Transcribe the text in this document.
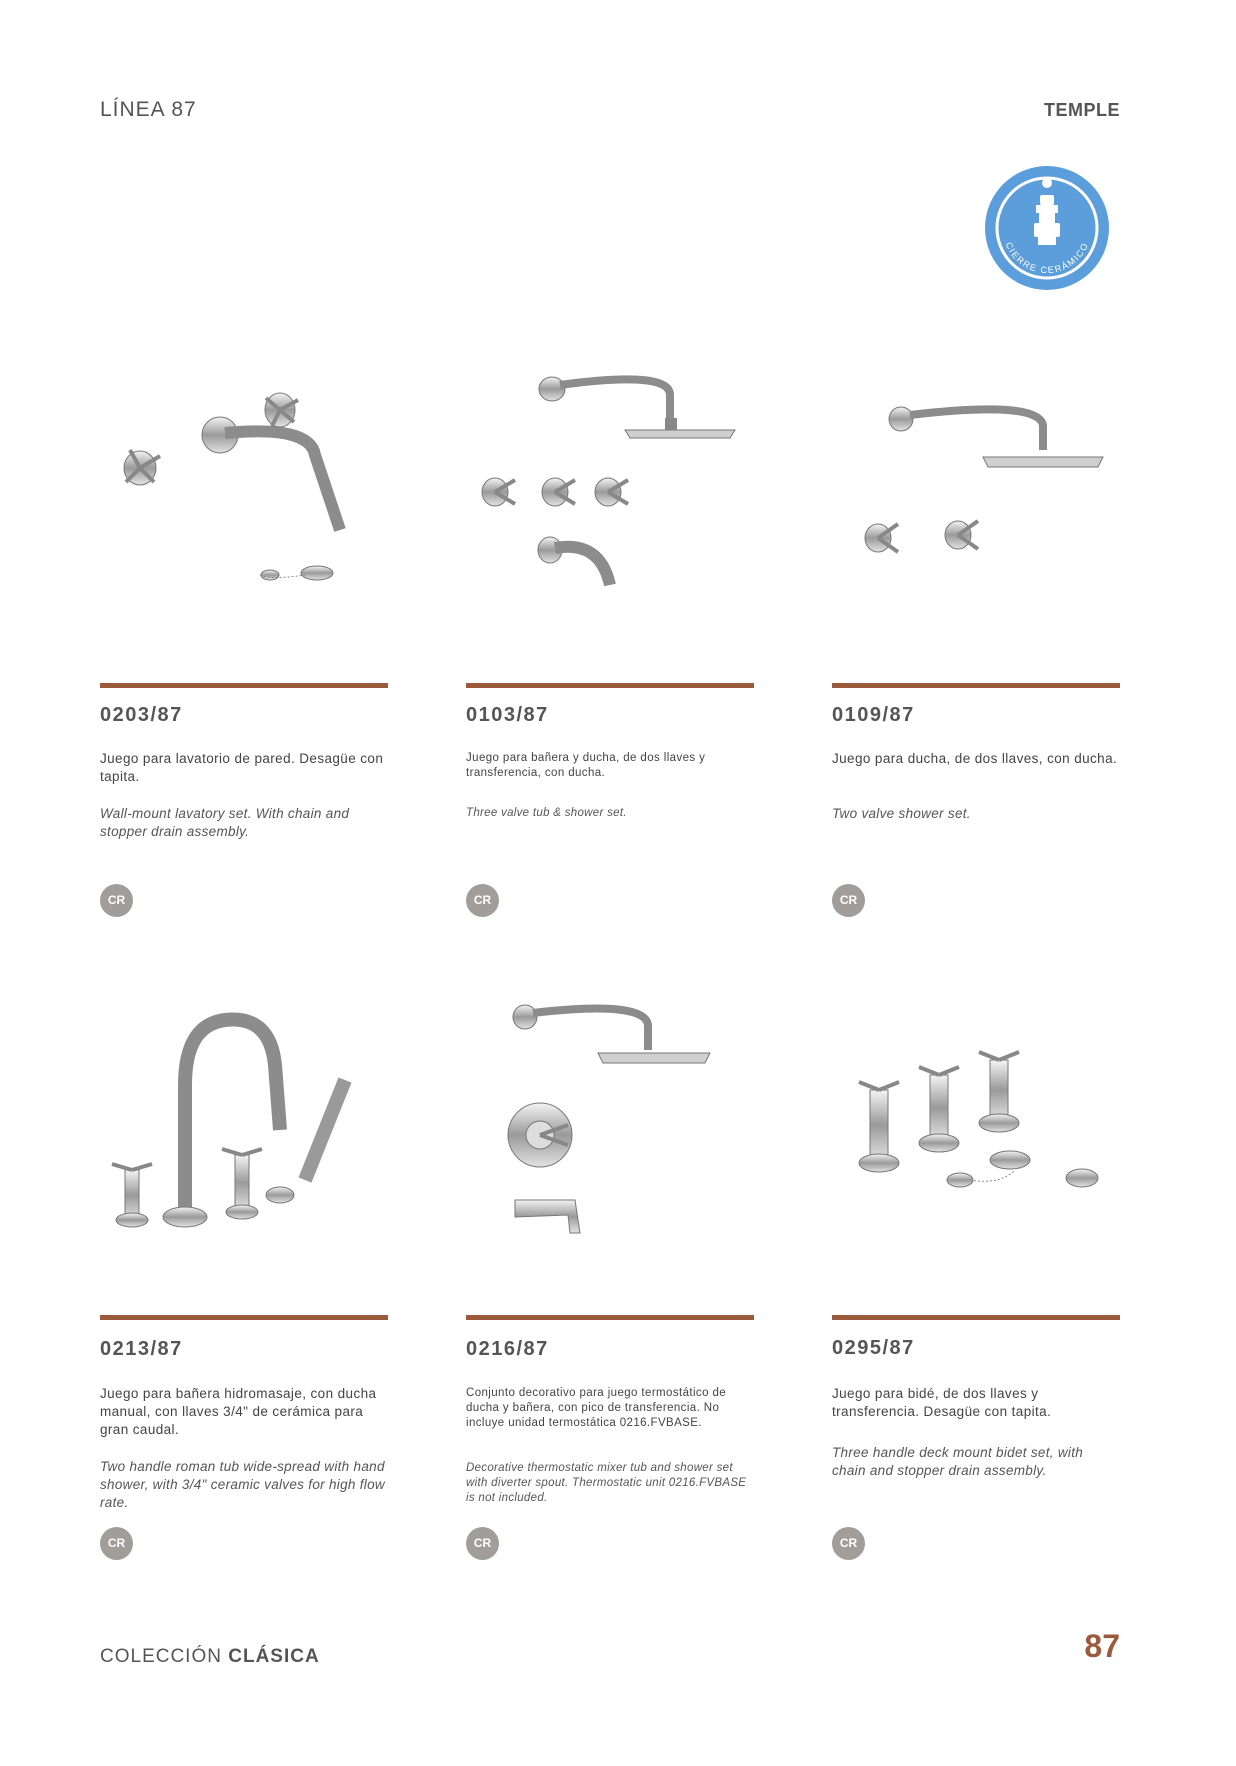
LÍNEA 87	TEMPLE
CIERRE CERÁMICO
0203/87
Juego para lavatorio de pared. Desagüe con tapita.
Wall-mount lavatory set. With chain and stopper drain assembly.
CR
0103/87
Juego para bañera y ducha, de dos llaves y transferencia, con ducha.
Three valve tub & shower set.
CR
0109/87
Juego para ducha, de dos llaves, con ducha.
Two valve shower set.
CR
0213/87
Juego para bañera hidromasaje, con ducha manual, con llaves 3/4" de cerámica para gran caudal.
Two handle roman tub wide-spread with hand shower, with 3/4" ceramic valves for high flow rate.
CR
0216/87
Conjunto decorativo para juego termostático de ducha y bañera, con pico de transferencia. No incluye unidad termostática 0216.FVBASE.
Decorative thermostatic mixer tub and shower set with diverter spout. Thermostatic unit 0216.FVBASE is not included.
CR
0295/87
Juego para bidé, de dos llaves y transferencia. Desagüe con tapita.
Three handle deck mount bidet set, with chain and stopper drain assembly.
CR
COLECCIÓN CLÁSICA	87
